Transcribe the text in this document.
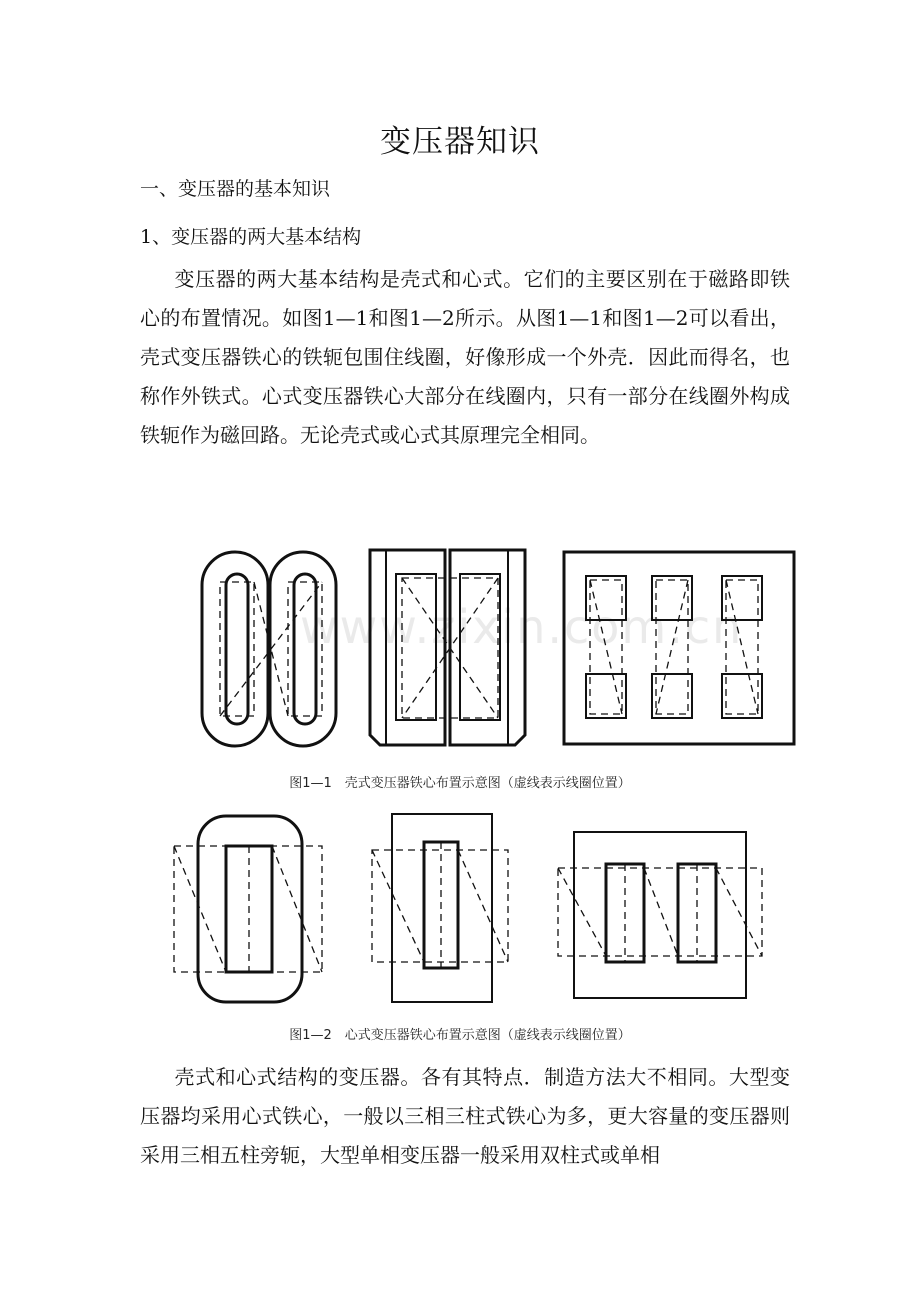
变压器知识
一、变压器的基本知识
1、变压器的两大基本结构
变压器的两大基本结构是壳式和心式。它们的主要区别在于磁路即铁心的布置情况。如图1—1和图1—2所示。从图1—1和图1—2可以看出，壳式变压器铁心的铁轭包围住线圈，好像形成一个外壳．因此而得名，也称作外铁式。心式变压器铁心大部分在线圈内，只有一部分在线圈外构成铁轭作为磁回路。无论壳式或心式其原理完全相同。
www.zixin.com.cn
图1—1　壳式变压器铁心布置示意图（虚线表示线圈位置）
图1—2　心式变压器铁心布置示意图（虚线表示线圈位置）
壳式和心式结构的变压器。各有其特点．制造方法大不相同。大型变压器均采用心式铁心，一般以三相三柱式铁心为多，更大容量的变压器则采用三相五柱旁轭，大型单相变压器一般采用双柱式或单相
